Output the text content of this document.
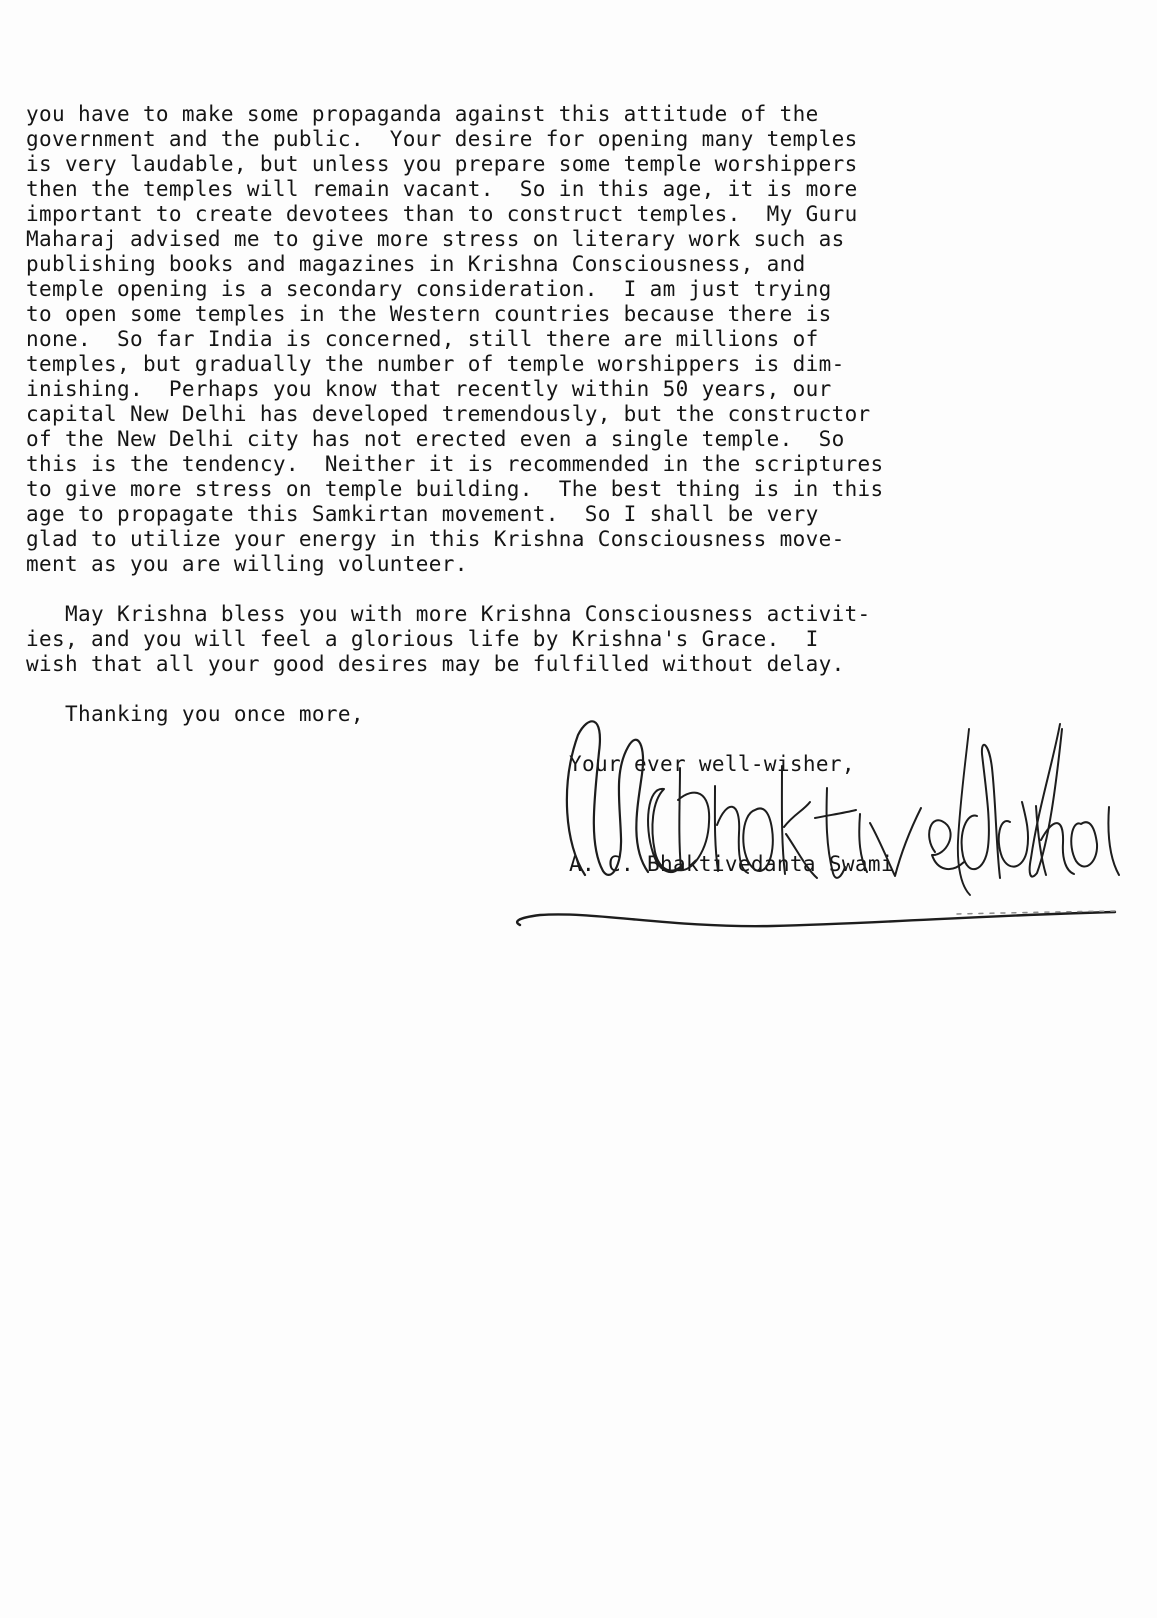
you have to make some propaganda against this attitude of the

government and the public.  Your desire for opening many temples

is very laudable, but unless you prepare some temple worshippers

then the temples will remain vacant.  So in this age, it is more

important to create devotees than to construct temples.  My Guru

Maharaj advised me to give more stress on literary work such as

publishing books and magazines in Krishna Consciousness, and

temple opening is a secondary consideration.  I am just trying

to open some temples in the Western countries because there is

none.  So far India is concerned, still there are millions of

temples, but gradually the number of temple worshippers is dim-

inishing.  Perhaps you know that recently within 50 years, our

capital New Delhi has developed tremendously, but the constructor

of the New Delhi city has not erected even a single temple.  So

this is the tendency.  Neither it is recommended in the scriptures

to give more stress on temple building.  The best thing is in this

age to propagate this Samkirtan movement.  So I shall be very

glad to utilize your energy in this Krishna Consciousness move-

ment as you are willing volunteer.

May Krishna bless you with more Krishna Consciousness activit-

ies, and you will feel a glorious life by Krishna's Grace.  I

wish that all your good desires may be fulfilled without delay.

Thanking you once more,

Your ever well-wisher,

A. C. Bhaktivedanta Swami
